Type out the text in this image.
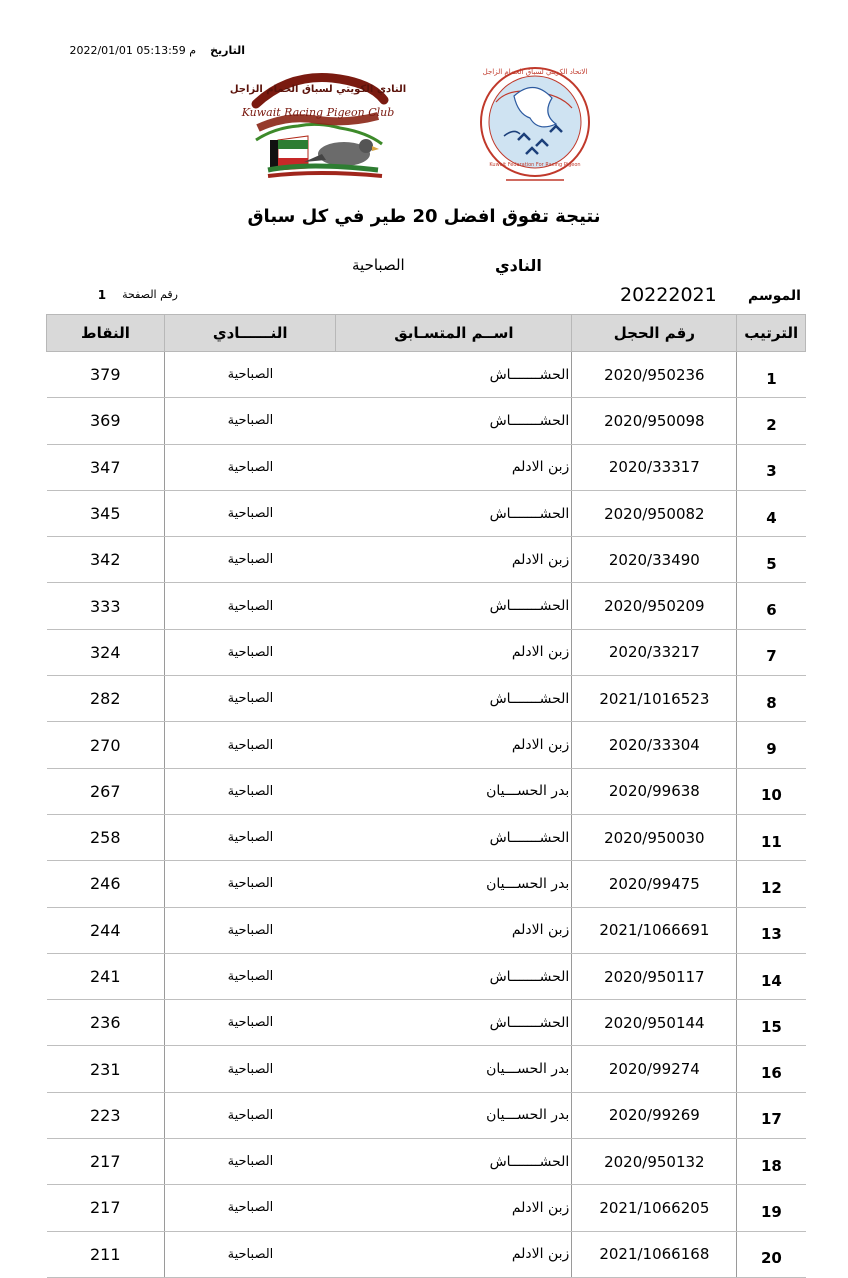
التاريخ
2022/01/01 05:13:59 م
Kuwait Racing Pigeon Club
النادي الكويتي لسباق الحمام الزاجل
الاتحاد الكويتي لسباق الحمام الزاجل
Kuwait Federation For Racing Pigeon
نتيجة تفوق افضل 20 طير في كل سباق
النادي
الصباحية
الموسم
20222021
رقم الصفحة
1
الترتيب	رقم الحجل	اســم المتسـابق	النــــــادي	النقاط
1	2020/950236	الحشـــــــاش	الصباحية	379
2	2020/950098	الحشـــــــاش	الصباحية	369
3	2020/33317	زبن الادلم	الصباحية	347
4	2020/950082	الحشـــــــاش	الصباحية	345
5	2020/33490	زبن الادلم	الصباحية	342
6	2020/950209	الحشـــــــاش	الصباحية	333
7	2020/33217	زبن الادلم	الصباحية	324
8	2021/1016523	الحشـــــــاش	الصباحية	282
9	2020/33304	زبن الادلم	الصباحية	270
10	2020/99638	بدر الحســـيان	الصباحية	267
11	2020/950030	الحشـــــــاش	الصباحية	258
12	2020/99475	بدر الحســـيان	الصباحية	246
13	2021/1066691	زبن الادلم	الصباحية	244
14	2020/950117	الحشـــــــاش	الصباحية	241
15	2020/950144	الحشـــــــاش	الصباحية	236
16	2020/99274	بدر الحســـيان	الصباحية	231
17	2020/99269	بدر الحســـيان	الصباحية	223
18	2020/950132	الحشـــــــاش	الصباحية	217
19	2021/1066205	زبن الادلم	الصباحية	217
20	2021/1066168	زبن الادلم	الصباحية	211
